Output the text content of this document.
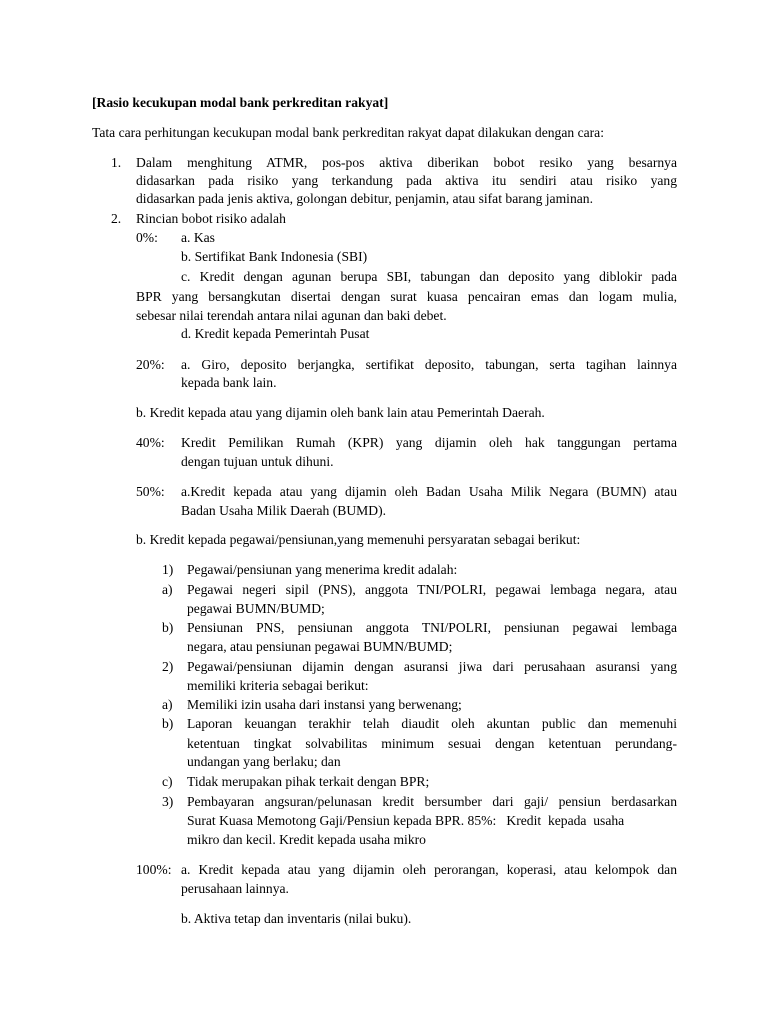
[Rasio kecukupan modal bank perkreditan rakyat]
Tata cara perhitungan kecukupan modal bank perkreditan rakyat dapat dilakukan dengan cara:
1. Dalam menghitung ATMR, pos-pos aktiva diberikan bobot resiko yang besarnya
didasarkan pada risiko yang terkandung pada aktiva itu sendiri atau risiko yang
didasarkan pada jenis aktiva, golongan debitur, penjamin, atau sifat barang jaminan.
2. Rincian bobot risiko adalah
0%: a. Kas
b. Sertifikat Bank Indonesia (SBI)
c. Kredit dengan agunan berupa SBI, tabungan dan deposito yang diblokir pada
BPR yang bersangkutan disertai dengan surat kuasa pencairan emas dan logam mulia,
sebesar nilai terendah antara nilai agunan dan baki debet.
d. Kredit kepada Pemerintah Pusat
20%: a. Giro, deposito berjangka, sertifikat deposito, tabungan, serta tagihan lainnya
kepada bank lain.
b. Kredit kepada atau yang dijamin oleh bank lain atau Pemerintah Daerah.
40%: Kredit Pemilikan Rumah (KPR) yang dijamin oleh hak tanggungan pertama
dengan tujuan untuk dihuni.
50%: a.Kredit kepada atau yang dijamin oleh Badan Usaha Milik Negara (BUMN) atau
Badan Usaha Milik Daerah (BUMD).
b. Kredit kepada pegawai/pensiunan,yang memenuhi persyaratan sebagai berikut:
1) Pegawai/pensiunan yang menerima kredit adalah:
a) Pegawai negeri sipil (PNS), anggota TNI/POLRI, pegawai lembaga negara, atau
pegawai BUMN/BUMD;
b) Pensiunan PNS, pensiunan anggota TNI/POLRI, pensiunan pegawai lembaga
negara, atau pensiunan pegawai BUMN/BUMD;
2) Pegawai/pensiunan dijamin dengan asuransi jiwa dari perusahaan asuransi yang
memiliki kriteria sebagai berikut:
a) Memiliki izin usaha dari instansi yang berwenang;
b) Laporan keuangan terakhir telah diaudit oleh akuntan public dan memenuhi
ketentuan tingkat solvabilitas minimum sesuai dengan ketentuan perundang-
undangan yang berlaku; dan
c) Tidak merupakan pihak terkait dengan BPR;
3) Pembayaran angsuran/pelunasan kredit bersumber dari gaji/ pensiun berdasarkan
Surat Kuasa Memotong Gaji/Pensiun kepada BPR. 85%:   Kredit  kepada  usaha
mikro dan kecil. Kredit kepada usaha mikro
100%: a. Kredit kepada atau yang dijamin oleh perorangan, koperasi, atau kelompok dan
perusahaan lainnya.
b. Aktiva tetap dan inventaris (nilai buku).
